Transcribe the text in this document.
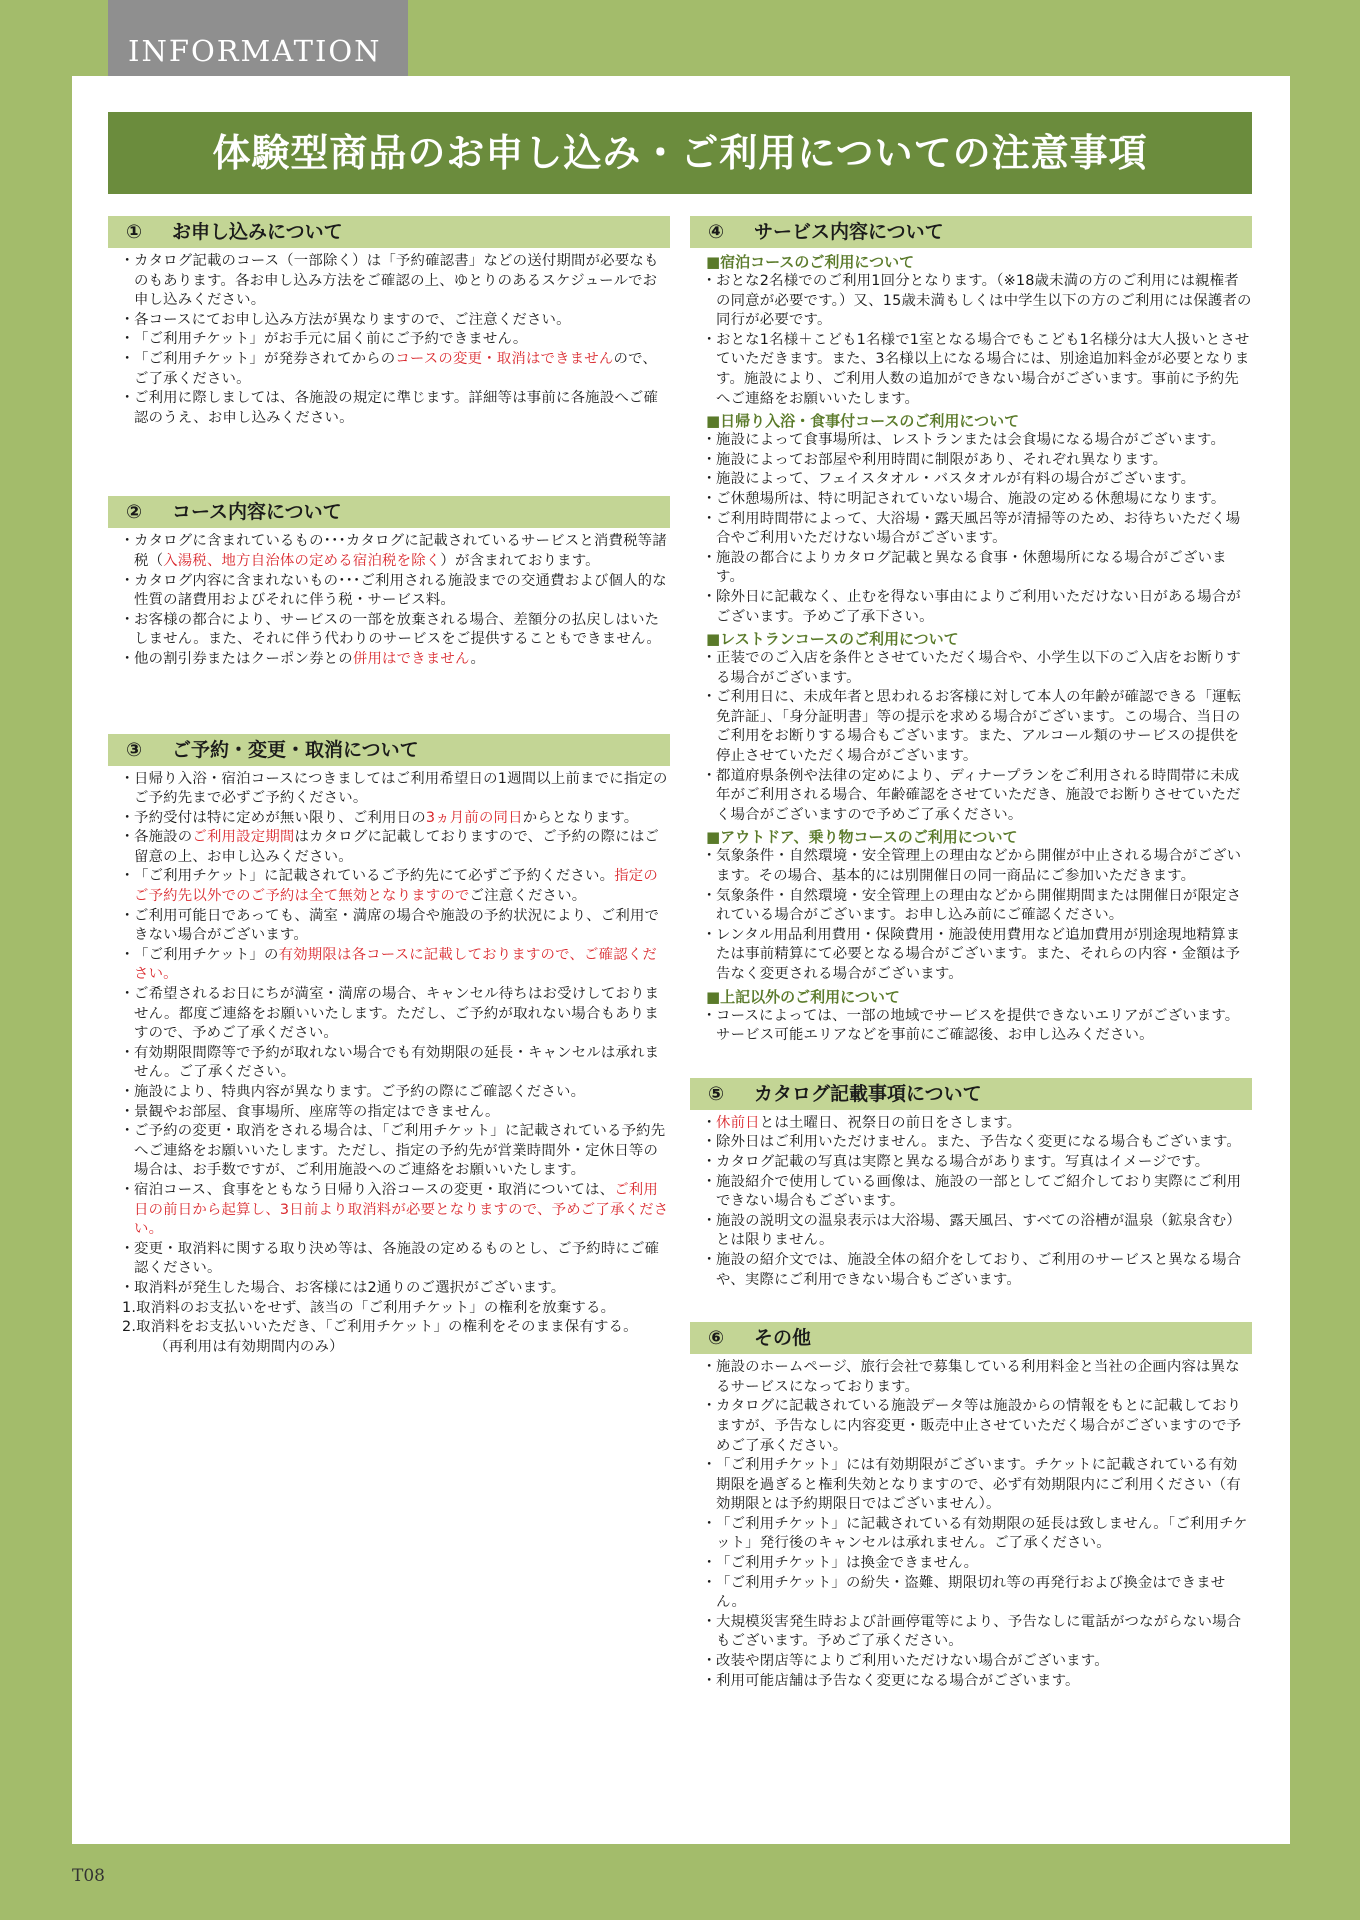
INFORMATION
体験型商品のお申し込み・ご利用についての注意事項
① お申し込みについて
・ カタログ記載のコース（一部除く）は「予約確認書」などの送付期間が必要なものもあります。各お申し込み方法をご確認の上、ゆとりのあるスケジュールでお申し込みください。
・ 各コースにてお申し込み方法が異なりますので、ご注意ください。
・ 「ご利用チケット」がお手元に届く前にご予約できません。
・ 「ご利用チケット」が発券されてからのコースの変更・取消はできませんので、ご了承ください。
・ ご利用に際しましては、各施設の規定に準じます。詳細等は事前に各施設へご確認のうえ、お申し込みください。
② コース内容について
・ カタログに含まれているもの･･･カタログに記載されているサービスと消費税等諸税（入湯税、地方自治体の定める宿泊税を除く）が含まれております。
・ カタログ内容に含まれないもの･･･ご利用される施設までの交通費および個人的な性質の諸費用およびそれに伴う税・サービス料。
・ お客様の都合により、サービスの一部を放棄される場合、差額分の払戻しはいたしません。また、それに伴う代わりのサービスをご提供することもできません。
・ 他の割引券またはクーポン券との併用はできません。
③ ご予約・変更・取消について
・ 日帰り入浴・宿泊コースにつきましてはご利用希望日の1週間以上前までに指定のご予約先まで必ずご予約ください。
・ 予約受付は特に定めが無い限り、ご利用日の3ヵ月前の同日からとなります。
・ 各施設のご利用設定期間はカタログに記載しておりますので、ご予約の際にはご留意の上、お申し込みください。
・ 「ご利用チケット」に記載されているご予約先にて必ずご予約ください。指定のご予約先以外でのご予約は全て無効となりますのでご注意ください。
・ ご利用可能日であっても、満室・満席の場合や施設の予約状況により、ご利用できない場合がございます。
・ 「ご利用チケット」の有効期限は各コースに記載しておりますので、ご確認ください。
・ ご希望されるお日にちが満室・満席の場合、キャンセル待ちはお受けしておりません。都度ご連絡をお願いいたします。ただし、ご予約が取れない場合もありますので、予めご了承ください。
・ 有効期限間際等で予約が取れない場合でも有効期限の延長・キャンセルは承れません。ご了承ください。
・ 施設により、特典内容が異なります。ご予約の際にご確認ください。
・ 景観やお部屋、食事場所、座席等の指定はできません。
・ ご予約の変更・取消をされる場合は、「ご利用チケット」に記載されている予約先へご連絡をお願いいたします。ただし、指定の予約先が営業時間外・定休日等の場合は、お手数ですが、ご利用施設へのご連絡をお願いいたします。
・ 宿泊コース、食事をともなう日帰り入浴コースの変更・取消については、ご利用日の前日から起算し、3日前より取消料が必要となりますので、予めご了承ください。
・ 変更・取消料に関する取り決め等は、各施設の定めるものとし、ご予約時にご確認ください。
・ 取消料が発生した場合、お客様には2通りのご選択がございます。
1.取消料のお支払いをせず、該当の「ご利用チケット」の権利を放棄する。
2.取消料をお支払いいただき、「ご利用チケット」の権利をそのまま保有する。
（再利用は有効期間内のみ）
④ サービス内容について
■宿泊コースのご利用について
・ おとな2名様でのご利用1回分となります。（※18歳未満の方のご利用には親権者の同意が必要です。）又、15歳未満もしくは中学生以下の方のご利用には保護者の同行が必要です。
・ おとな1名様＋こども1名様で1室となる場合でもこども1名様分は大人扱いとさせていただきます。また、3名様以上になる場合には、別途追加料金が必要となります。施設により、ご利用人数の追加ができない場合がございます。事前に予約先へご連絡をお願いいたします。
■日帰り入浴・食事付コースのご利用について
・ 施設によって食事場所は、レストランまたは会食場になる場合がございます。
・ 施設によってお部屋や利用時間に制限があり、それぞれ異なります。
・ 施設によって、フェイスタオル・バスタオルが有料の場合がございます。
・ ご休憩場所は、特に明記されていない場合、施設の定める休憩場になります。
・ ご利用時間帯によって、大浴場・露天風呂等が清掃等のため、お待ちいただく場合やご利用いただけない場合がございます。
・ 施設の都合によりカタログ記載と異なる食事・休憩場所になる場合がございます。
・ 除外日に記載なく、止むを得ない事由によりご利用いただけない日がある場合がございます。予めご了承下さい。
■レストランコースのご利用について
・ 正装でのご入店を条件とさせていただく場合や、小学生以下のご入店をお断りする場合がございます。
・ ご利用日に、未成年者と思われるお客様に対して本人の年齢が確認できる「運転免許証」、「身分証明書」等の提示を求める場合がございます。この場合、当日のご利用をお断りする場合もございます。また、アルコール類のサービスの提供を停止させていただく場合がございます。
・ 都道府県条例や法律の定めにより、ディナープランをご利用される時間帯に未成年がご利用される場合、年齢確認をさせていただき、施設でお断りさせていただく場合がございますので予めご了承ください。
■アウトドア、乗り物コースのご利用について
・ 気象条件・自然環境・安全管理上の理由などから開催が中止される場合がございます。その場合、基本的には別開催日の同一商品にご参加いただきます。
・ 気象条件・自然環境・安全管理上の理由などから開催期間または開催日が限定されている場合がございます。お申し込み前にご確認ください。
・ レンタル用品利用費用・保険費用・施設使用費用など追加費用が別途現地精算または事前精算にて必要となる場合がございます。また、それらの内容・金額は予告なく変更される場合がございます。
■上記以外のご利用について
・ コースによっては、一部の地域でサービスを提供できないエリアがございます。サービス可能エリアなどを事前にご確認後、お申し込みください。
⑤ カタログ記載事項について
・ 休前日とは土曜日、祝祭日の前日をさします。
・ 除外日はご利用いただけません。また、予告なく変更になる場合もございます。
・ カタログ記載の写真は実際と異なる場合があります。写真はイメージです。
・ 施設紹介で使用している画像は、施設の一部としてご紹介しており実際にご利用できない場合もございます。
・ 施設の説明文の温泉表示は大浴場、露天風呂、すべての浴槽が温泉（鉱泉含む）とは限りません。
・ 施設の紹介文では、施設全体の紹介をしており、ご利用のサービスと異なる場合や、実際にご利用できない場合もございます。
⑥ その他
・ 施設のホームページ、旅行会社で募集している利用料金と当社の企画内容は異なるサービスになっております。
・ カタログに記載されている施設データ等は施設からの情報をもとに記載しておりますが、予告なしに内容変更・販売中止させていただく場合がございますので予めご了承ください。
・ 「ご利用チケット」には有効期限がございます。チケットに記載されている有効期限を過ぎると権利失効となりますので、必ず有効期限内にご利用ください（有効期限とは予約期限日ではございません）。
・ 「ご利用チケット」に記載されている有効期限の延長は致しません。「ご利用チケット」発行後のキャンセルは承れません。ご了承ください。
・ 「ご利用チケット」は換金できません。
・ 「ご利用チケット」の紛失・盗難、期限切れ等の再発行および換金はできません。
・ 大規模災害発生時および計画停電等により、予告なしに電話がつながらない場合もございます。予めご了承ください。
・ 改装や閉店等によりご利用いただけない場合がございます。
・ 利用可能店舗は予告なく変更になる場合がございます。
T08
